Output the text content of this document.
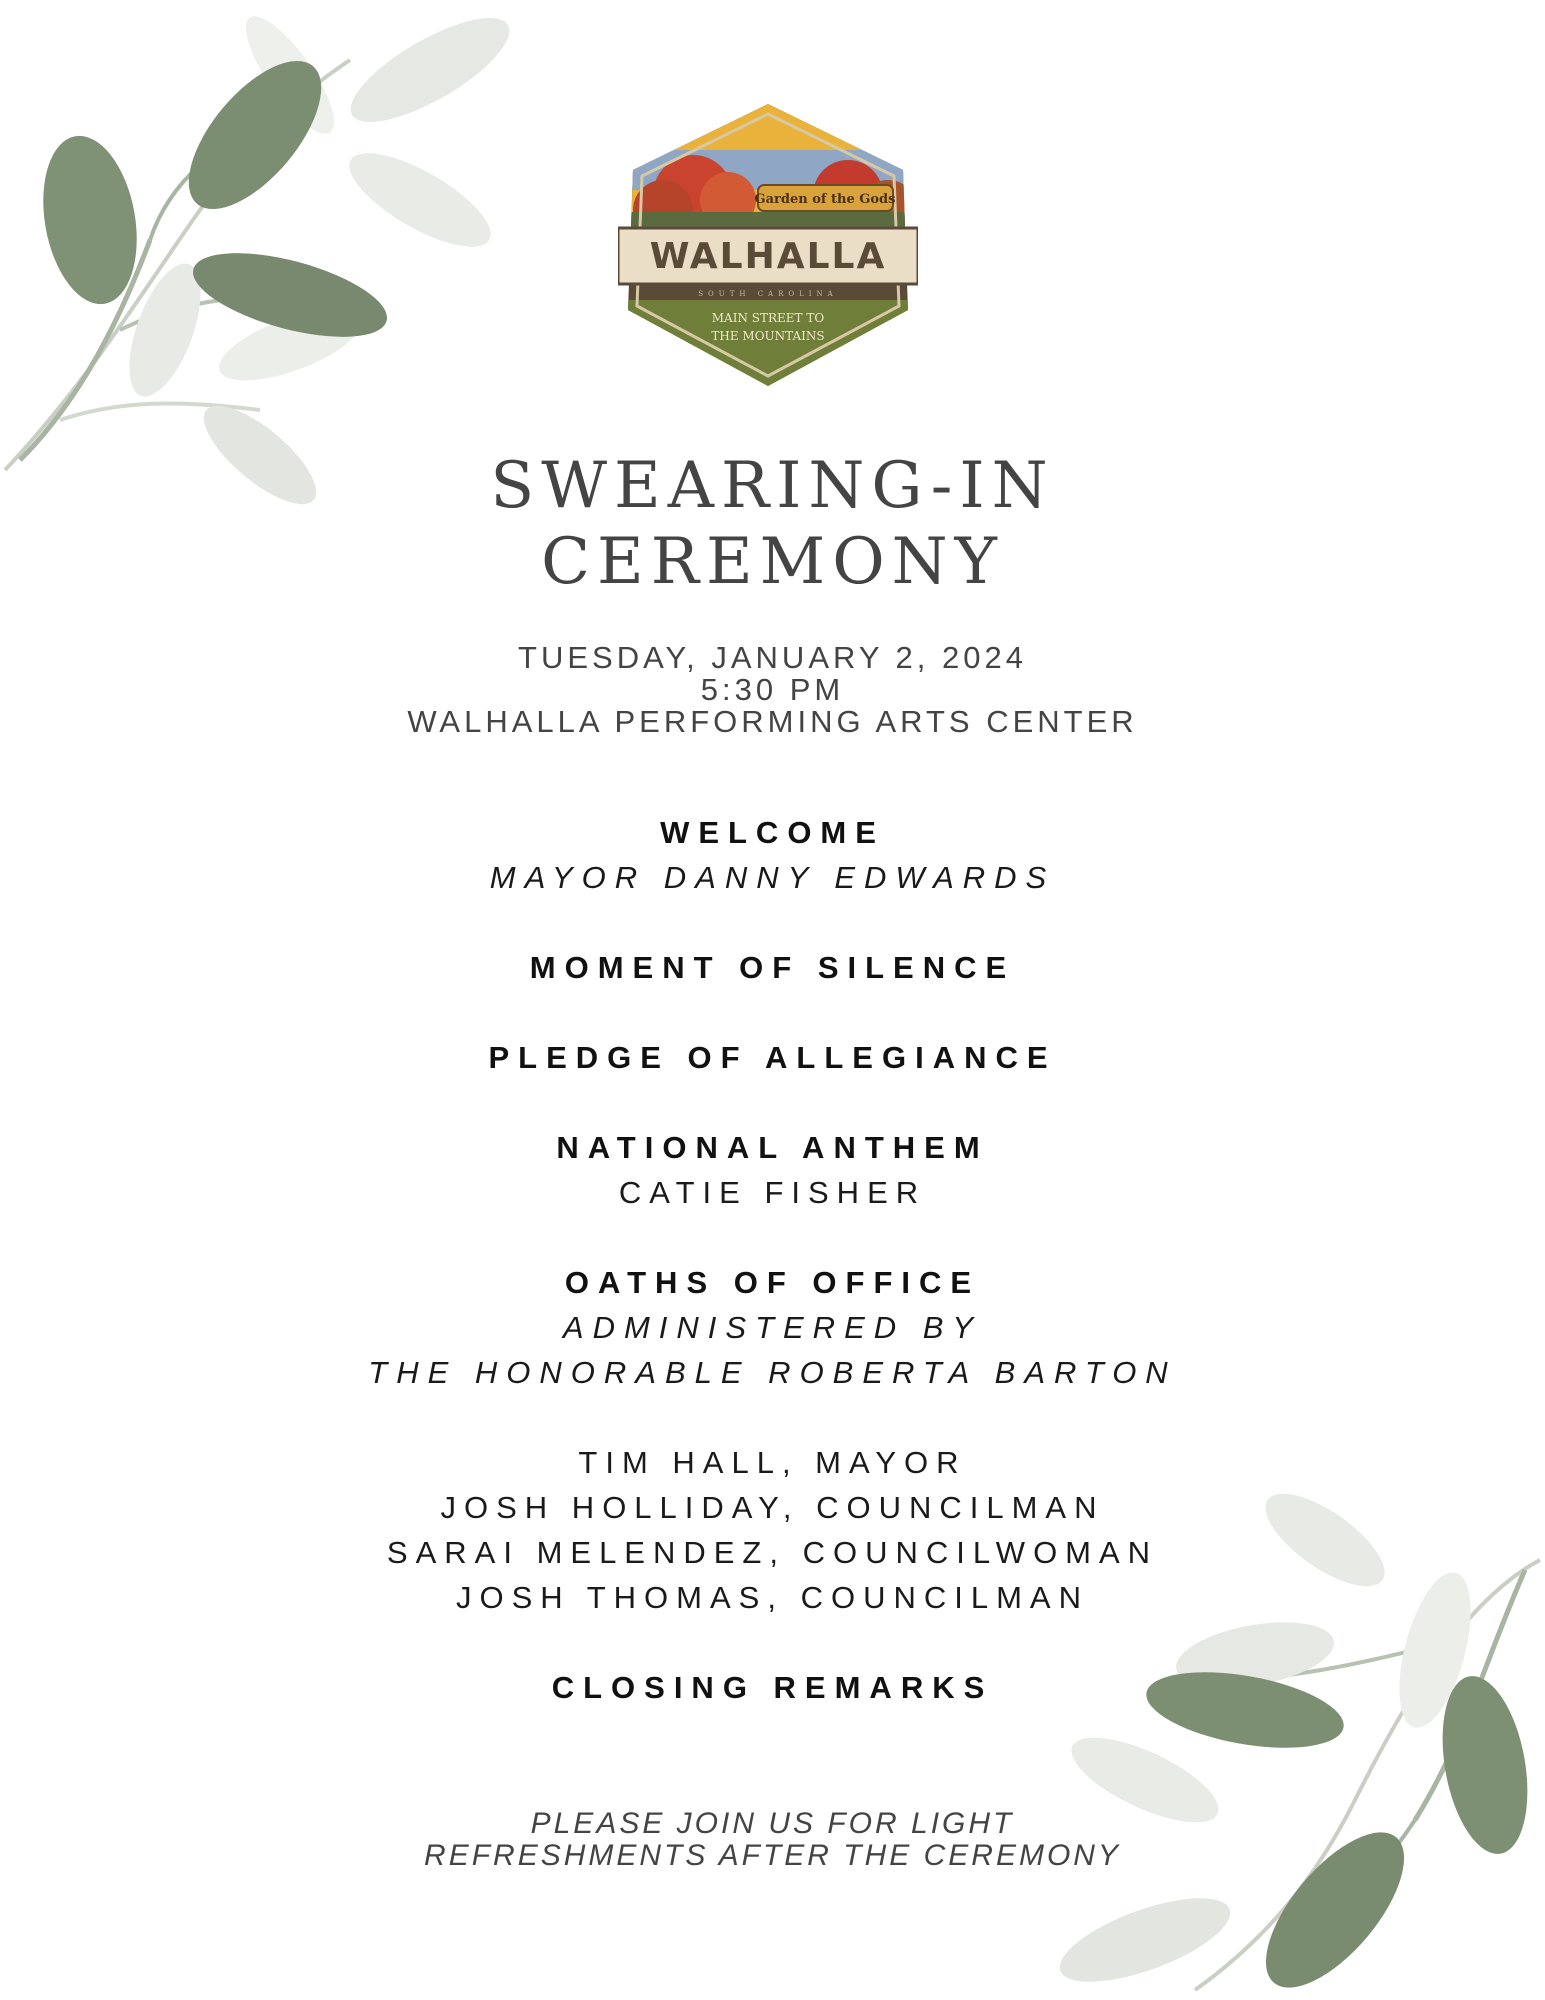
Garden of the Gods
WALHALLA
SOUTH CAROLINA
MAIN STREET TO
THE MOUNTAINS
SWEARING-IN
CEREMONY
TUESDAY, JANUARY 2, 2024
5:30 PM
WALHALLA PERFORMING ARTS CENTER
WELCOME
MAYOR DANNY EDWARDS
MOMENT OF SILENCE
PLEDGE OF ALLEGIANCE
NATIONAL ANTHEM
CATIE FISHER
OATHS OF OFFICE
ADMINISTERED BY
THE HONORABLE ROBERTA BARTON
TIM HALL, MAYOR
JOSH HOLLIDAY, COUNCILMAN
SARAI MELENDEZ, COUNCILWOMAN
JOSH THOMAS, COUNCILMAN
CLOSING REMARKS
PLEASE JOIN US FOR LIGHT
REFRESHMENTS AFTER THE CEREMONY
